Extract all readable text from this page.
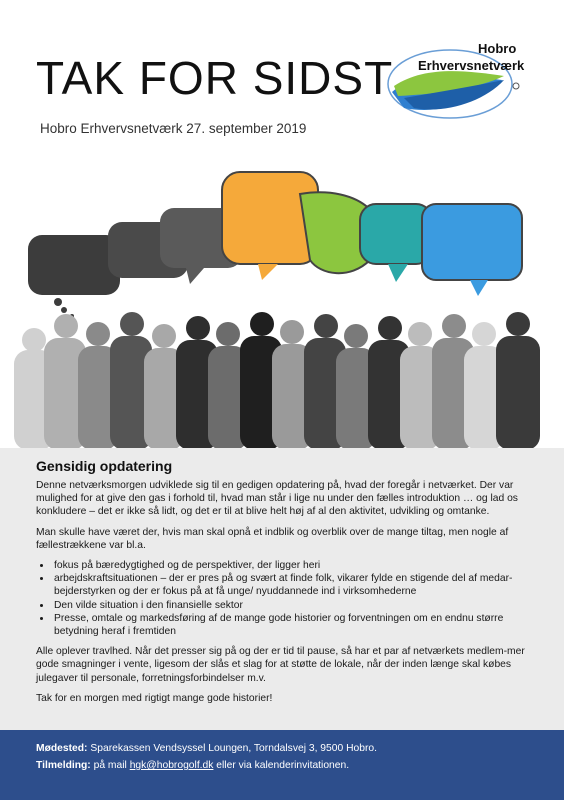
TAK FOR SIDST
Hobro Erhvervsnetværk 27. september 2019
Hobro
Erhvervsnetværk
Gensidig opdatering

Denne netværksmorgen udviklede sig til en gedigen opdatering på, hvad der foregår i netværket. Der var mulighed for at give den gas i forhold til, hvad man står i lige nu under den fælles introduktion … og lad os konkludere – det er ikke så lidt, og det er til at blive helt høj af al den aktivitet, udvikling og omtanke.

Man skulle have været der, hvis man skal opnå et indblik og overblik over de mange tiltag, men nogle af fællestrækkene var bl.a.

• fokus på bæredygtighed og de perspektiver, der ligger heri
• arbejdskraftsituationen – der er pres på og svært at finde folk, vikarer fylde en stigende del af medar-bejderstyrken og der er fokus på at få unge/ nyuddannede ind i virksomhederne
• Den vilde situation i den finansielle sektor
• Presse, omtale og markedsføring af de mange gode historier og forventningen om en endnu større betydning heraf i fremtiden

Alle oplever travlhed. Når det presser sig på og der er tid til pause, så har et par af netværkets medlem-mer gode smagninger i vente, ligesom der slås et slag for at støtte de lokale, når der inden længe skal købes julegaver til personale, forretningsforbindelser m.v.

Tak for en morgen med rigtigt mange gode historier!

Mødested: Sparekassen Vendsyssel Loungen, Torndalsvej 3, 9500 Hobro.
Tilmelding: på mail hgk@hobrogolf.dk eller via kalenderinvitationen.
